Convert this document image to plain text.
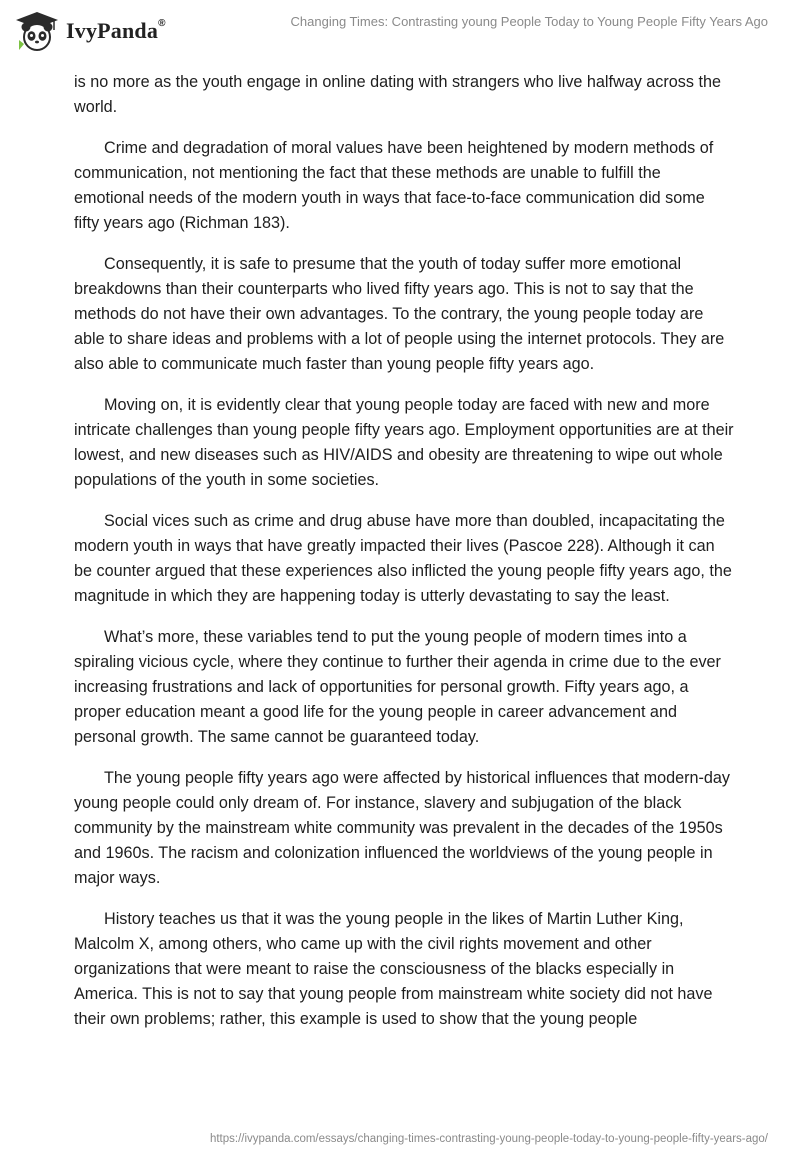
IvyPanda®	Changing Times: Contrasting young People Today to Young People Fifty Years Ago

is no more as the youth engage in online dating with strangers who live halfway across the world.

Crime and degradation of moral values have been heightened by modern methods of communication, not mentioning the fact that these methods are unable to fulfill the emotional needs of the modern youth in ways that face-to-face communication did some fifty years ago (Richman 183).

Consequently, it is safe to presume that the youth of today suffer more emotional breakdowns than their counterparts who lived fifty years ago. This is not to say that the methods do not have their own advantages. To the contrary, the young people today are able to share ideas and problems with a lot of people using the internet protocols. They are also able to communicate much faster than young people fifty years ago.

Moving on, it is evidently clear that young people today are faced with new and more intricate challenges than young people fifty years ago. Employment opportunities are at their lowest, and new diseases such as HIV/AIDS and obesity are threatening to wipe out whole populations of the youth in some societies.

Social vices such as crime and drug abuse have more than doubled, incapacitating the modern youth in ways that have greatly impacted their lives (Pascoe 228). Although it can be counter argued that these experiences also inflicted the young people fifty years ago, the magnitude in which they are happening today is utterly devastating to say the least.

What’s more, these variables tend to put the young people of modern times into a spiraling vicious cycle, where they continue to further their agenda in crime due to the ever increasing frustrations and lack of opportunities for personal growth. Fifty years ago, a proper education meant a good life for the young people in career advancement and personal growth. The same cannot be guaranteed today.

The young people fifty years ago were affected by historical influences that modern-day young people could only dream of. For instance, slavery and subjugation of the black community by the mainstream white community was prevalent in the decades of the 1950s and 1960s. The racism and colonization influenced the worldviews of the young people in major ways.

History teaches us that it was the young people in the likes of Martin Luther King, Malcolm X, among others, who came up with the civil rights movement and other organizations that were meant to raise the consciousness of the blacks especially in America. This is not to say that young people from mainstream white society did not have their own problems; rather, this example is used to show that the young people

https://ivypanda.com/essays/changing-times-contrasting-young-people-today-to-young-people-fifty-years-ago/
